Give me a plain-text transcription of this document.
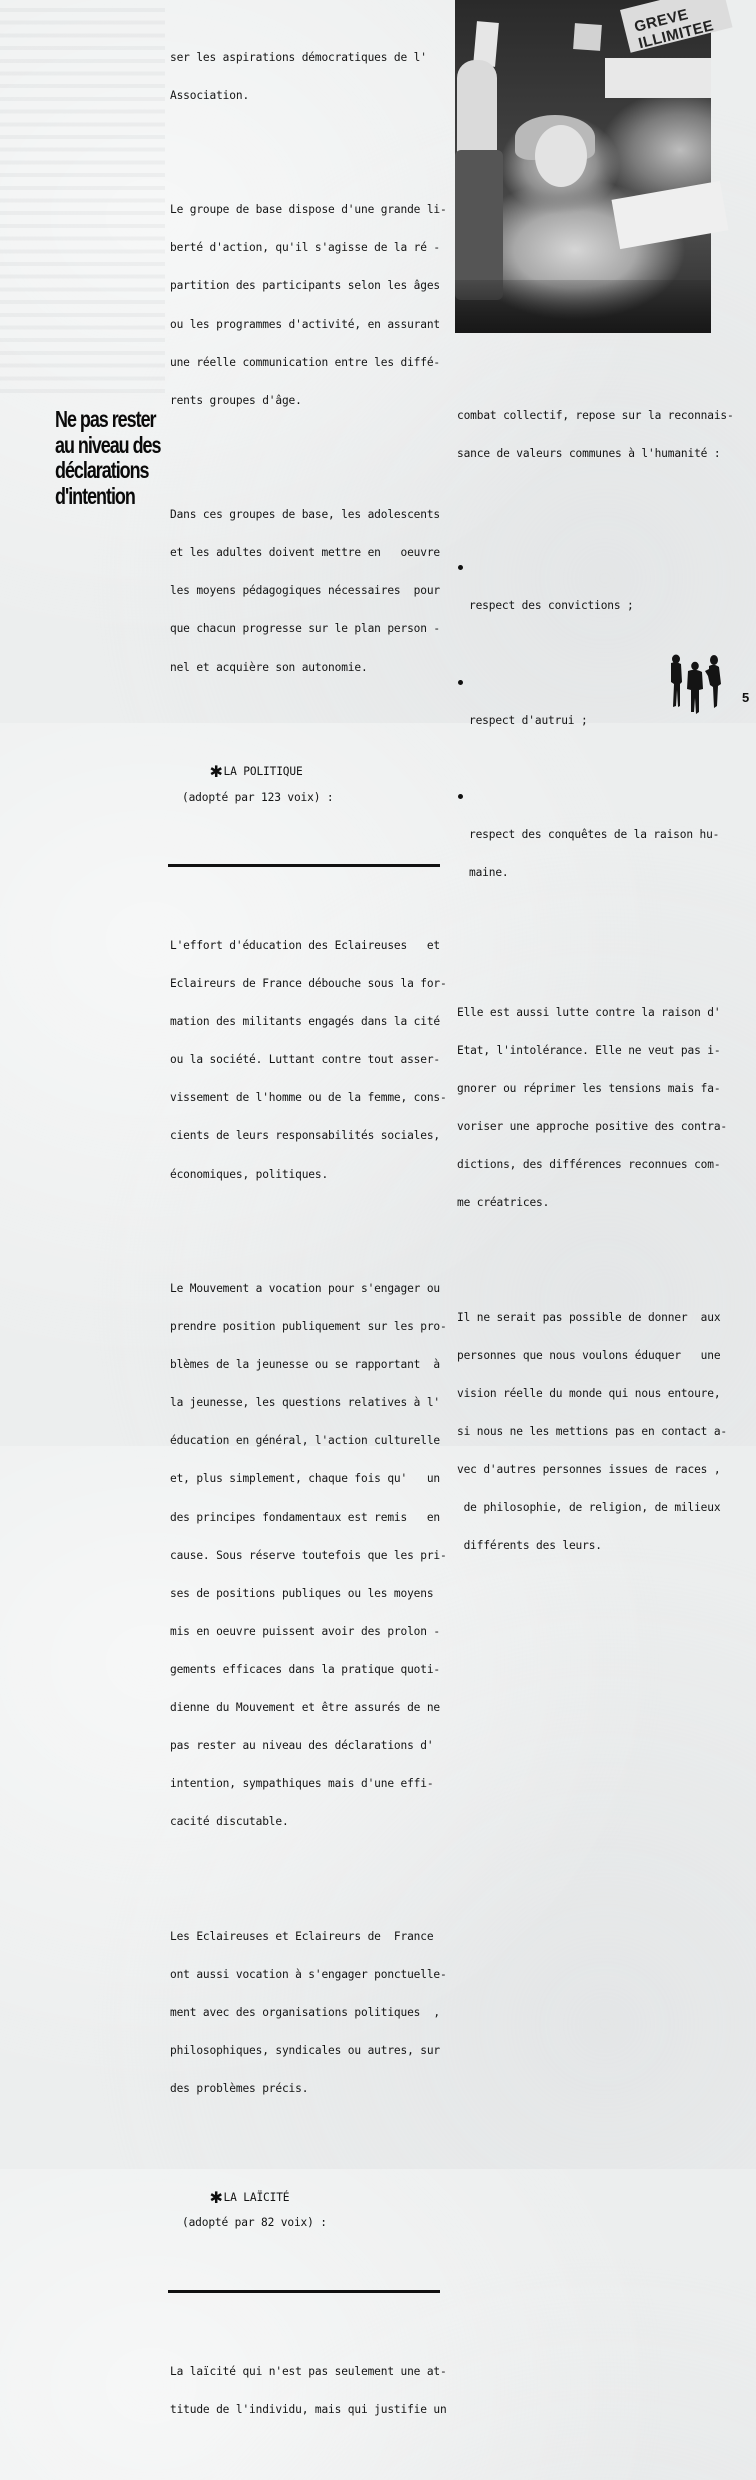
GREVE ILLIMITEE
Ne pas rester
au niveau des
déclarations
d'intention

ser les aspirations démocratiques de l'

Association.

Le groupe de base dispose d'une grande li-

berté d'action, qu'il s'agisse de la ré -

partition des participants selon les âges

ou les programmes d'activité, en assurant

une réelle communication entre les diffé-

rents groupes d'âge.

Dans ces groupes de base, les adolescents

et les adultes doivent mettre en   oeuvre

les moyens pédagogiques nécessaires  pour

que chacun progresse sur le plan person -

nel et acquière son autonomie.

✱LA POLITIQUE

(adopté par 123 voix) :

L'effort d'éducation des Eclaireuses   et

Eclaireurs de France débouche sous la for-

mation des militants engagés dans la cité

ou la société. Luttant contre tout asser-

vissement de l'homme ou de la femme, cons-

cients de leurs responsabilités sociales,

économiques, politiques.

Le Mouvement a vocation pour s'engager ou

prendre position publiquement sur les pro-

blèmes de la jeunesse ou se rapportant  à

la jeunesse, les questions relatives à l'

éducation en général, l'action culturelle

et, plus simplement, chaque fois qu'   un

des principes fondamentaux est remis   en

cause. Sous réserve toutefois que les pri-

ses de positions publiques ou les moyens

mis en oeuvre puissent avoir des prolon -

gements efficaces dans la pratique quoti-

dienne du Mouvement et être assurés de ne

pas rester au niveau des déclarations d'

intention, sympathiques mais d'une effi-

cacité discutable.

Les Eclaireuses et Eclaireurs de  France

ont aussi vocation à s'engager ponctuelle-

ment avec des organisations politiques  ,

philosophiques, syndicales ou autres, sur

des problèmes précis.

✱LA LAÏCITÉ

(adopté par 82 voix) :

La laïcité qui n'est pas seulement une at-

titude de l'individu, mais qui justifie un

combat collectif, repose sur la reconnais-

sance de valeurs communes à l'humanité :

respect des convictions ;

respect d'autrui ;

respect des conquêtes de la raison hu-

maine.

Elle est aussi lutte contre la raison d'

Etat, l'intolérance. Elle ne veut pas i-

gnorer ou réprimer les tensions mais fa-

voriser une approche positive des contra-

dictions, des différences reconnues com-

me créatrices.

Il ne serait pas possible de donner  aux

personnes que nous voulons éduquer   une

vision réelle du monde qui nous entoure,

si nous ne les mettions pas en contact a-

vec d'autres personnes issues de races ,

de philosophie, de religion, de milieux

différents des leurs.

5
